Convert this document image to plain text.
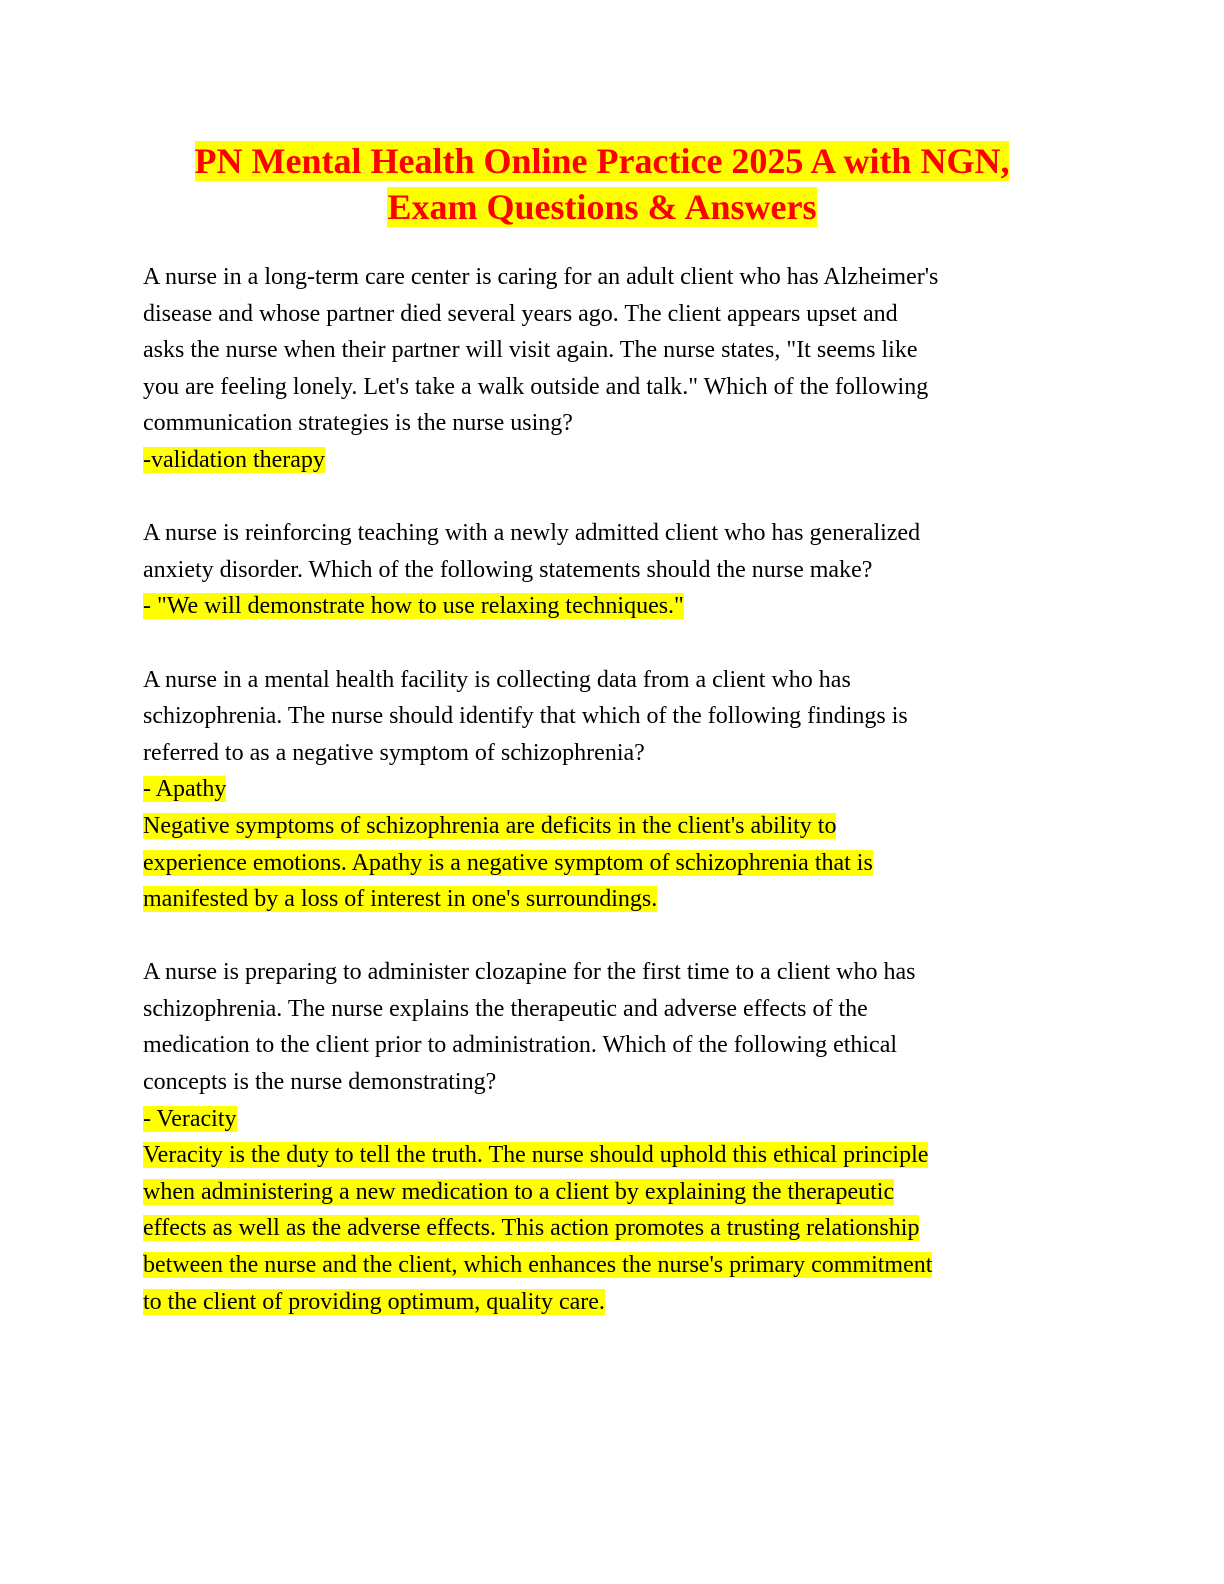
PN Mental Health Online Practice 2025 A with NGN,
Exam Questions & Answers
A nurse in a long-term care center is caring for an adult client who has Alzheimer's
disease and whose partner died several years ago. The client appears upset and
asks the nurse when their partner will visit again. The nurse states, "It seems like
you are feeling lonely. Let's take a walk outside and talk." Which of the following
communication strategies is the nurse using?
-validation therapy
A nurse is reinforcing teaching with a newly admitted client who has generalized
anxiety disorder. Which of the following statements should the nurse make?
- "We will demonstrate how to use relaxing techniques."
A nurse in a mental health facility is collecting data from a client who has
schizophrenia. The nurse should identify that which of the following findings is
referred to as a negative symptom of schizophrenia?
- Apathy
Negative symptoms of schizophrenia are deficits in the client's ability to
experience emotions. Apathy is a negative symptom of schizophrenia that is
manifested by a loss of interest in one's surroundings.
A nurse is preparing to administer clozapine for the first time to a client who has
schizophrenia. The nurse explains the therapeutic and adverse effects of the
medication to the client prior to administration. Which of the following ethical
concepts is the nurse demonstrating?
- Veracity
Veracity is the duty to tell the truth. The nurse should uphold this ethical principle
when administering a new medication to a client by explaining the therapeutic
effects as well as the adverse effects. This action promotes a trusting relationship
between the nurse and the client, which enhances the nurse's primary commitment
to the client of providing optimum, quality care.
